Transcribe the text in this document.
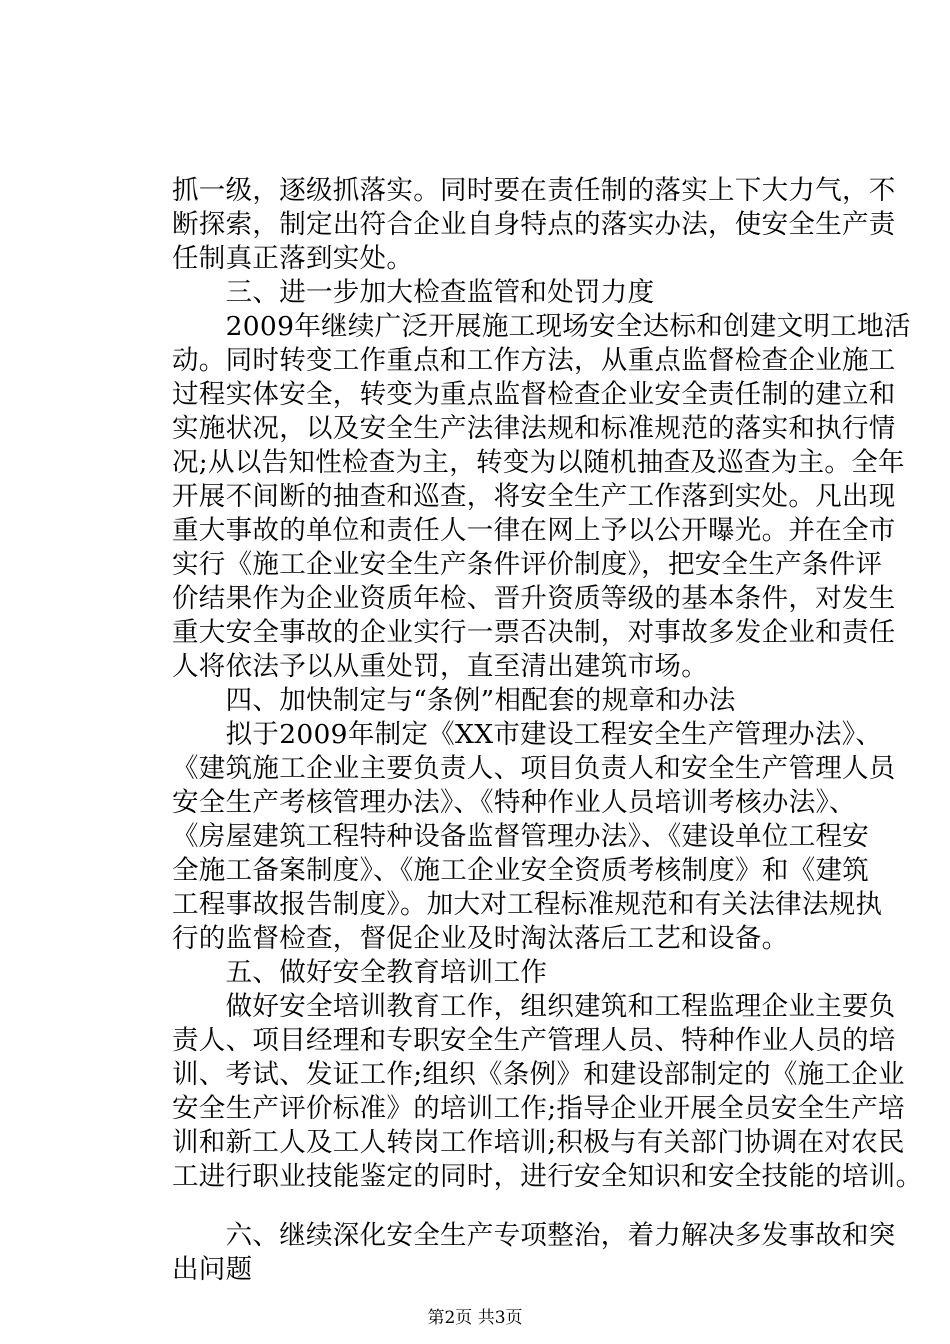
抓一级，逐级抓落实。同时要在责任制的落实上下大力气，不
断探索，制定出符合企业自身特点的落实办法，使安全生产责
任制真正落到实处。
　　三、进一步加大检查监管和处罚力度
　　2009年继续广泛开展施工现场安全达标和创建文明工地活
动。同时转变工作重点和工作方法，从重点监督检查企业施工
过程实体安全，转变为重点监督检查企业安全责任制的建立和
实施状况，以及安全生产法律法规和标准规范的落实和执行情
况;从以告知性检查为主，转变为以随机抽查及巡查为主。全年
开展不间断的抽查和巡查，将安全生产工作落到实处。凡出现
重大事故的单位和责任人一律在网上予以公开曝光。并在全市
实行《施工企业安全生产条件评价制度》，把安全生产条件评
价结果作为企业资质年检、晋升资质等级的基本条件，对发生
重大安全事故的企业实行一票否决制，对事故多发企业和责任
人将依法予以从重处罚，直至清出建筑市场。
　　四、加快制定与“条例”相配套的规章和办法
　　拟于2009年制定《XX市建设工程安全生产管理办法》、
《建筑施工企业主要负责人、项目负责人和安全生产管理人员
安全生产考核管理办法》、《特种作业人员培训考核办法》、
《房屋建筑工程特种设备监督管理办法》、《建设单位工程安
全施工备案制度》、《施工企业安全资质考核制度》和《建筑
工程事故报告制度》。加大对工程标准规范和有关法律法规执
行的监督检查，督促企业及时淘汰落后工艺和设备。
　　五、做好安全教育培训工作
　　做好安全培训教育工作，组织建筑和工程监理企业主要负
责人、项目经理和专职安全生产管理人员、特种作业人员的培
训、考试、发证工作;组织《条例》和建设部制定的《施工企业
安全生产评价标准》的培训工作;指导企业开展全员安全生产培
训和新工人及工人转岗工作培训;积极与有关部门协调在对农民
工进行职业技能鉴定的同时，进行安全知识和安全技能的培训。
　　六、继续深化安全生产专项整治，着力解决多发事故和突
出问题
第2页 共3页
